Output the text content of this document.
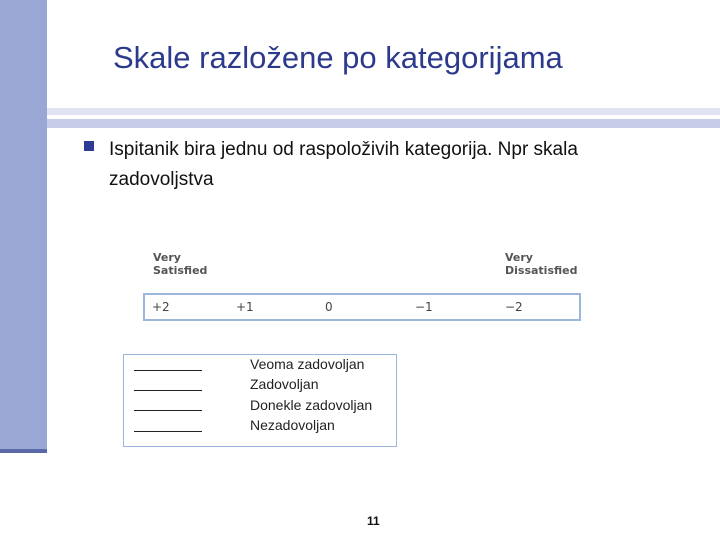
Skale razložene po kategorijama
Ispitanik bira jednu od raspoloživih kategorija. Npr skala zadovoljstva
Very
Satisfied
Very
Dissatisfied
+2	+1	0	−1	−2
Veoma zadovoljan
Zadovoljan
Donekle zadovoljan
Nezadovoljan
11
